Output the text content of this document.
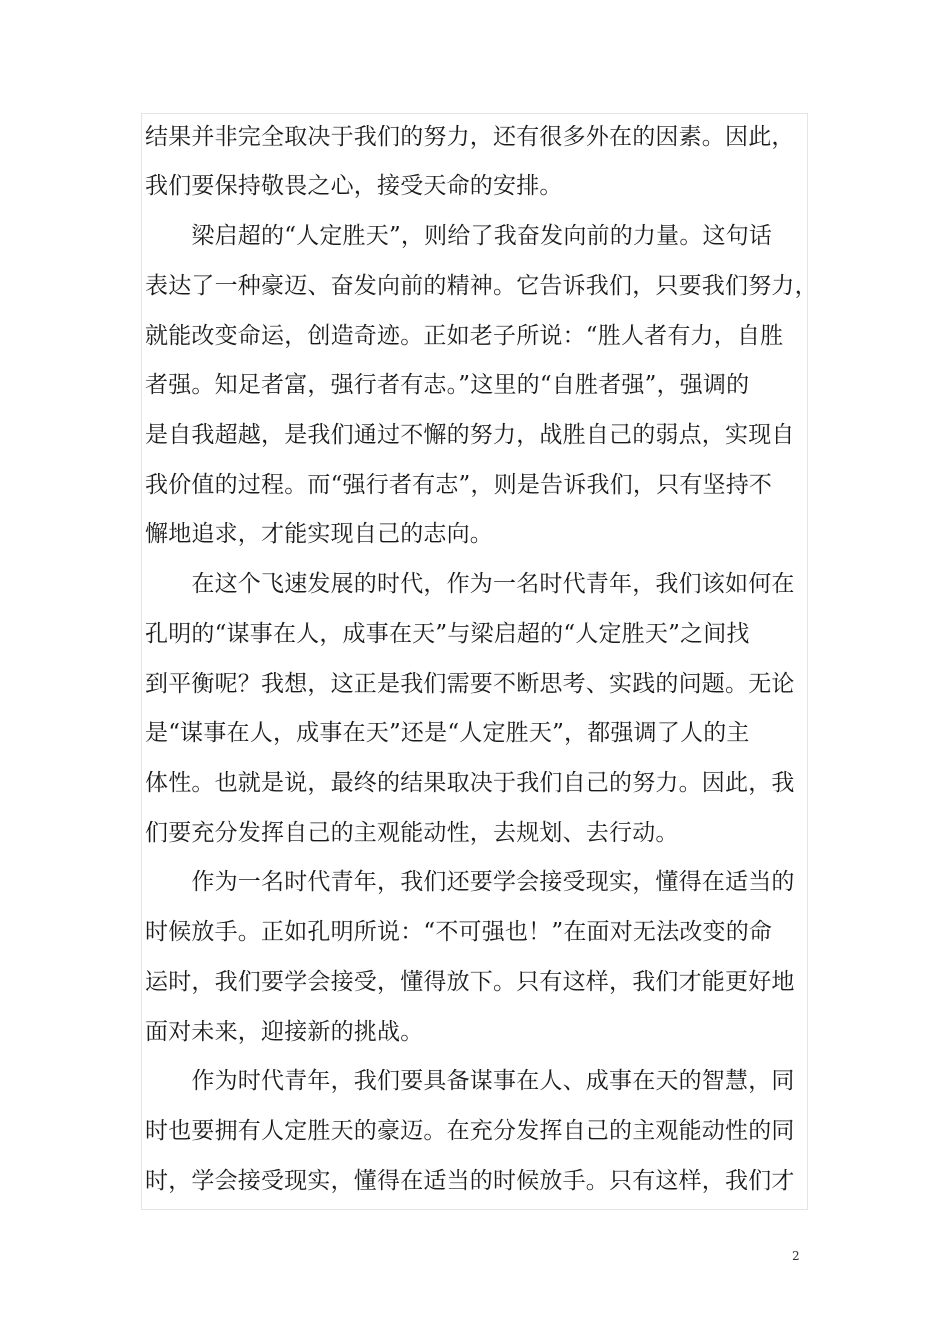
结果并非完全取决于我们的努力，还有很多外在的因素。因此，
我们要保持敬畏之心，接受天命的安排。
　　梁启超的“人定胜天”，则给了我奋发向前的力量。这句话
表达了一种豪迈、奋发向前的精神。它告诉我们，只要我们努力，
就能改变命运，创造奇迹。正如老子所说：“胜人者有力，自胜
者强。知足者富，强行者有志。”这里的“自胜者强”，强调的
是自我超越，是我们通过不懈的努力，战胜自己的弱点，实现自
我价值的过程。而“强行者有志”，则是告诉我们，只有坚持不
懈地追求，才能实现自己的志向。
　　在这个飞速发展的时代，作为一名时代青年，我们该如何在
孔明的“谋事在人，成事在天”与梁启超的“人定胜天”之间找
到平衡呢？我想，这正是我们需要不断思考、实践的问题。无论
是“谋事在人，成事在天”还是“人定胜天”，都强调了人的主
体性。也就是说，最终的结果取决于我们自己的努力。因此，我
们要充分发挥自己的主观能动性，去规划、去行动。
　　作为一名时代青年，我们还要学会接受现实，懂得在适当的
时候放手。正如孔明所说：“不可强也！”在面对无法改变的命
运时，我们要学会接受，懂得放下。只有这样，我们才能更好地
面对未来，迎接新的挑战。
　　作为时代青年，我们要具备谋事在人、成事在天的智慧，同
时也要拥有人定胜天的豪迈。在充分发挥自己的主观能动性的同
时，学会接受现实，懂得在适当的时候放手。只有这样，我们才
2
